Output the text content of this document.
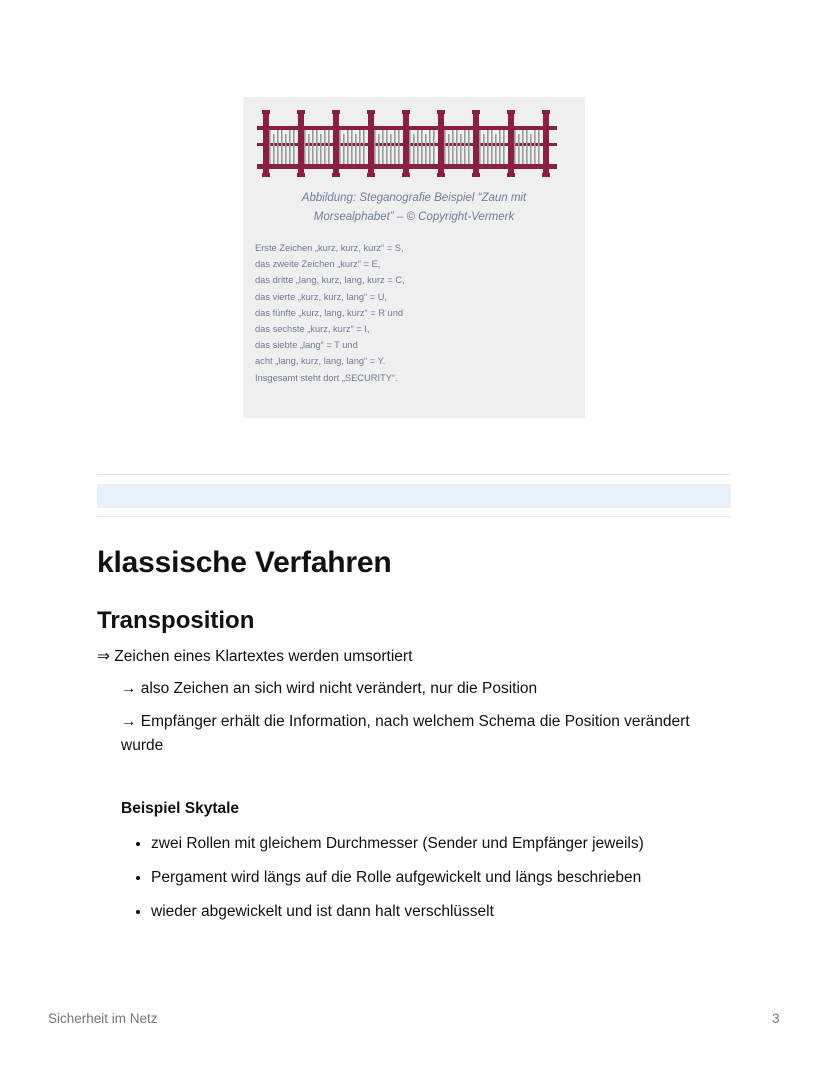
Abbildung: Steganografie Beispiel “Zaun mit
Morsealphabet” – © Copyright-Vermerk
Erste Zeichen „kurz, kurz, kurz“ = S,
das zweite Zeichen „kurz“ = E,
das dritte „lang, kurz, lang, kurz = C,
das vierte „kurz, kurz, lang“ = U,
das fünfte „kurz, lang, kurz“ = R und
das sechste „kurz, kurz“ = I,
das siebte „lang“ = T und
acht „lang, kurz, lang, lang“ = Y.
Insgesamt steht dort „SECURITY“.
klassische Verfahren
Transposition
⇒ Zeichen eines Klartextes werden umsortiert
→ also Zeichen an sich wird nicht verändert, nur die Position
→ Empfänger erhält die Information, nach welchem Schema die Position verändert wurde
Beispiel Skytale
• zwei Rollen mit gleichem Durchmesser (Sender und Empfänger jeweils)
• Pergament wird längs auf die Rolle aufgewickelt und längs beschrieben
• wieder abgewickelt und ist dann halt verschlüsselt
Sicherheit im Netz	3
